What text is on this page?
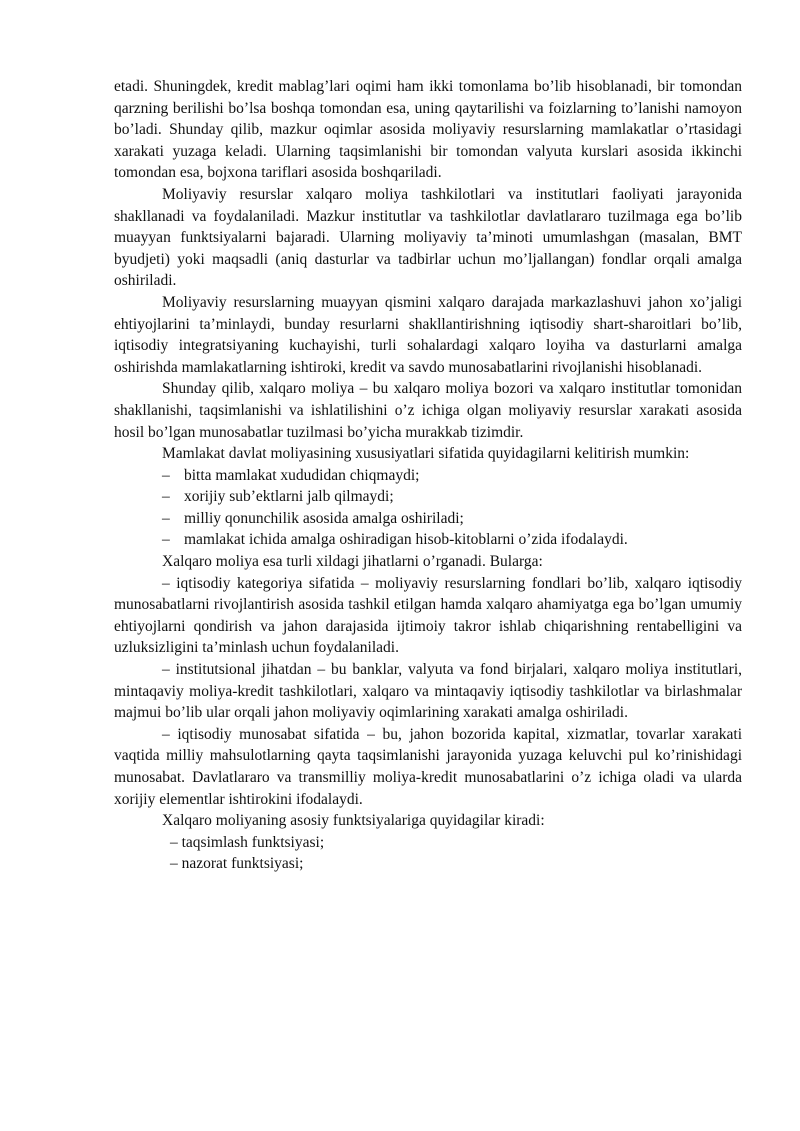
etadi. Shuningdek, kredit mablag’lari oqimi ham ikki tomonlama bo’lib hisoblanadi, bir tomondan qarzning berilishi bo’lsa boshqa tomondan esa, uning qaytarilishi va foizlarning to’lanishi namoyon bo’ladi. Shunday qilib, mazkur oqimlar asosida moliyaviy resurslarning mamlakatlar o’rtasidagi xarakati yuzaga keladi. Ularning taqsimlanishi bir tomondan valyuta kurslari asosida ikkinchi tomondan esa, bojxona tariflari asosida boshqariladi.

Moliyaviy resurslar xalqaro moliya tashkilotlari va institutlari faoliyati jarayonida shakllanadi va foydalaniladi. Mazkur institutlar va tashkilotlar davlatlararo tuzilmaga ega bo’lib muayyan funktsiyalarni bajaradi. Ularning moliyaviy ta’minoti umumlashgan (masalan, BMT byudjeti) yoki maqsadli (aniq dasturlar va tadbirlar uchun mo’ljallangan) fondlar orqali amalga oshiriladi.

Moliyaviy resurslarning muayyan qismini xalqaro darajada markazlashuvi jahon xo’jaligi ehtiyojlarini ta’minlaydi, bunday resurlarni shakllantirishning iqtisodiy shart-sharoitlari bo’lib, iqtisodiy integratsiyaning kuchayishi, turli sohalardagi xalqaro loyiha va dasturlarni amalga oshirishda mamlakatlarning ishtiroki, kredit va savdo munosabatlarini rivojlanishi hisoblanadi.

Shunday qilib, xalqaro moliya – bu xalqaro moliya bozori va xalqaro institutlar tomonidan shakllanishi, taqsimlanishi va ishlatilishini o’z ichiga olgan moliyaviy resurslar xarakati asosida hosil bo’lgan munosabatlar tuzilmasi bo’yicha murakkab tizimdir.

Mamlakat davlat moliyasining xususiyatlari sifatida quyidagilarni kelitirish mumkin:

– bitta mamlakat xududidan chiqmaydi;

– xorijiy sub’ektlarni jalb qilmaydi;

– milliy qonunchilik asosida amalga oshiriladi;

– mamlakat ichida amalga oshiradigan hisob-kitoblarni o’zida ifodalaydi.

Xalqaro moliya esa turli xildagi jihatlarni o’rganadi. Bularga:

– iqtisodiy kategoriya sifatida – moliyaviy resurslarning fondlari bo’lib, xalqaro iqtisodiy munosabatlarni rivojlantirish asosida tashkil etilgan hamda xalqaro ahamiyatga ega bo’lgan umumiy ehtiyojlarni qondirish va jahon darajasida ijtimoiy takror ishlab chiqarishning rentabelligini va uzluksizligini ta’minlash uchun foydalaniladi.

– institutsional jihatdan – bu banklar, valyuta va fond birjalari, xalqaro moliya institutlari, mintaqaviy moliya-kredit tashkilotlari, xalqaro va mintaqaviy iqtisodiy tashkilotlar va birlashmalar majmui bo’lib ular orqali jahon moliyaviy oqimlarining xarakati amalga oshiriladi.

– iqtisodiy munosabat sifatida – bu, jahon bozorida kapital, xizmatlar, tovarlar xarakati vaqtida milliy mahsulotlarning qayta taqsimlanishi jarayonida yuzaga keluvchi pul ko’rinishidagi munosabat. Davlatlararo va transmilliy moliya-kredit munosabatlarini o’z ichiga oladi va ularda xorijiy elementlar ishtirokini ifodalaydi.

Xalqaro moliyaning asosiy funktsiyalariga quyidagilar kiradi:

– taqsimlash funktsiyasi;

– nazorat funktsiyasi;
